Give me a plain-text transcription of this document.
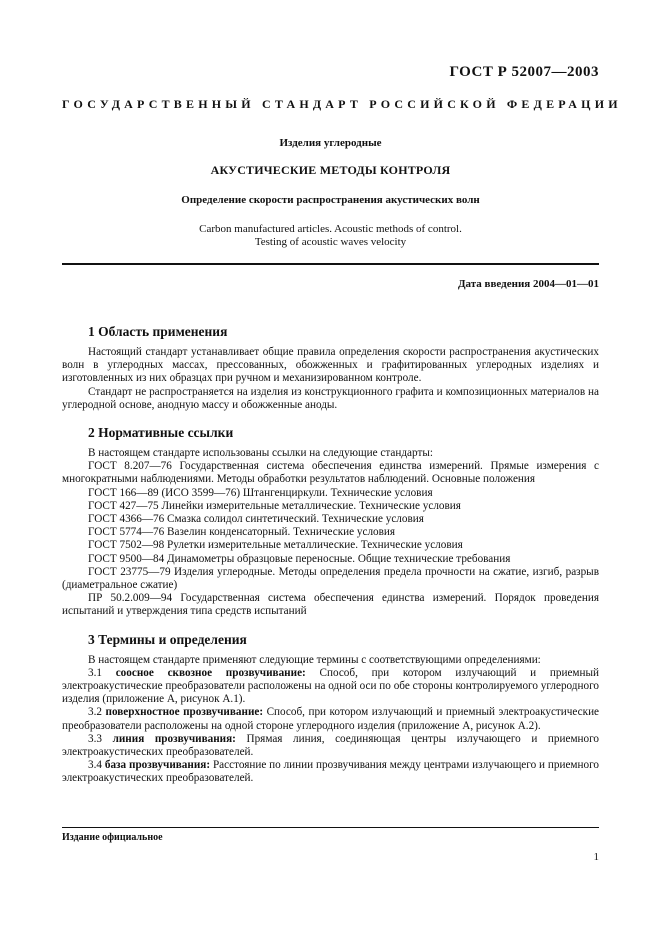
ГОСТ Р 52007—2003
ГОСУДАРСТВЕННЫЙ СТАНДАРТ РОССИЙСКОЙ ФЕДЕРАЦИИ
Изделия углеродные
АКУСТИЧЕСКИЕ МЕТОДЫ КОНТРОЛЯ
Определение скорости распространения акустических волн
Carbon manufactured articles. Acoustic methods of control.
Testing of acoustic waves velocity
Дата введения 2004—01—01
1 Область применения

Настоящий стандарт устанавливает общие правила определения скорости распространения акустических волн в углеродных массах, прессованных, обожженных и графитированных углеродных изделиях и изготовленных из них образцах при ручном и механизированном контроле.

Стандарт не распространяется на изделия из конструкционного графита и композиционных материалов на углеродной основе, анодную массу и обожженные аноды.

2 Нормативные ссылки

В настоящем стандарте использованы ссылки на следующие стандарты:

ГОСТ 8.207—76 Государственная система обеспечения единства измерений. Прямые измерения с многократными наблюдениями. Методы обработки результатов наблюдений. Основные положения

ГОСТ 166—89 (ИСО 3599—76) Штангенциркули. Технические условия

ГОСТ 427—75 Линейки измерительные металлические. Технические условия

ГОСТ 4366—76 Смазка солидол синтетический. Технические условия

ГОСТ 5774—76 Вазелин конденсаторный. Технические условия

ГОСТ 7502—98 Рулетки измерительные металлические. Технические условия

ГОСТ 9500—84 Динамометры образцовые переносные. Общие технические требования

ГОСТ 23775—79 Изделия углеродные. Методы определения предела прочности на сжатие, изгиб, разрыв (диаметральное сжатие)

ПР 50.2.009—94 Государственная система обеспечения единства измерений. Порядок проведения испытаний и утверждения типа средств испытаний

3 Термины и определения

В настоящем стандарте применяют следующие термины с соответствующими определениями:

3.1 соосное сквозное прозвучивание: Способ, при котором излучающий и приемный электроакустические преобразователи расположены на одной оси по обе стороны контролируемого углеродного изделия (приложение А, рисунок А.1).

3.2 поверхностное прозвучивание: Способ, при котором излучающий и приемный электроакустические преобразователи расположены на одной стороне углеродного изделия (приложение А, рисунок А.2).

3.3 линия прозвучивания: Прямая линия, соединяющая центры излучающего и приемного электроакустических преобразователей.

3.4 база прозвучивания: Расстояние по линии прозвучивания между центрами излучающего и приемного электроакустических преобразователей.

Издание официальное
1
